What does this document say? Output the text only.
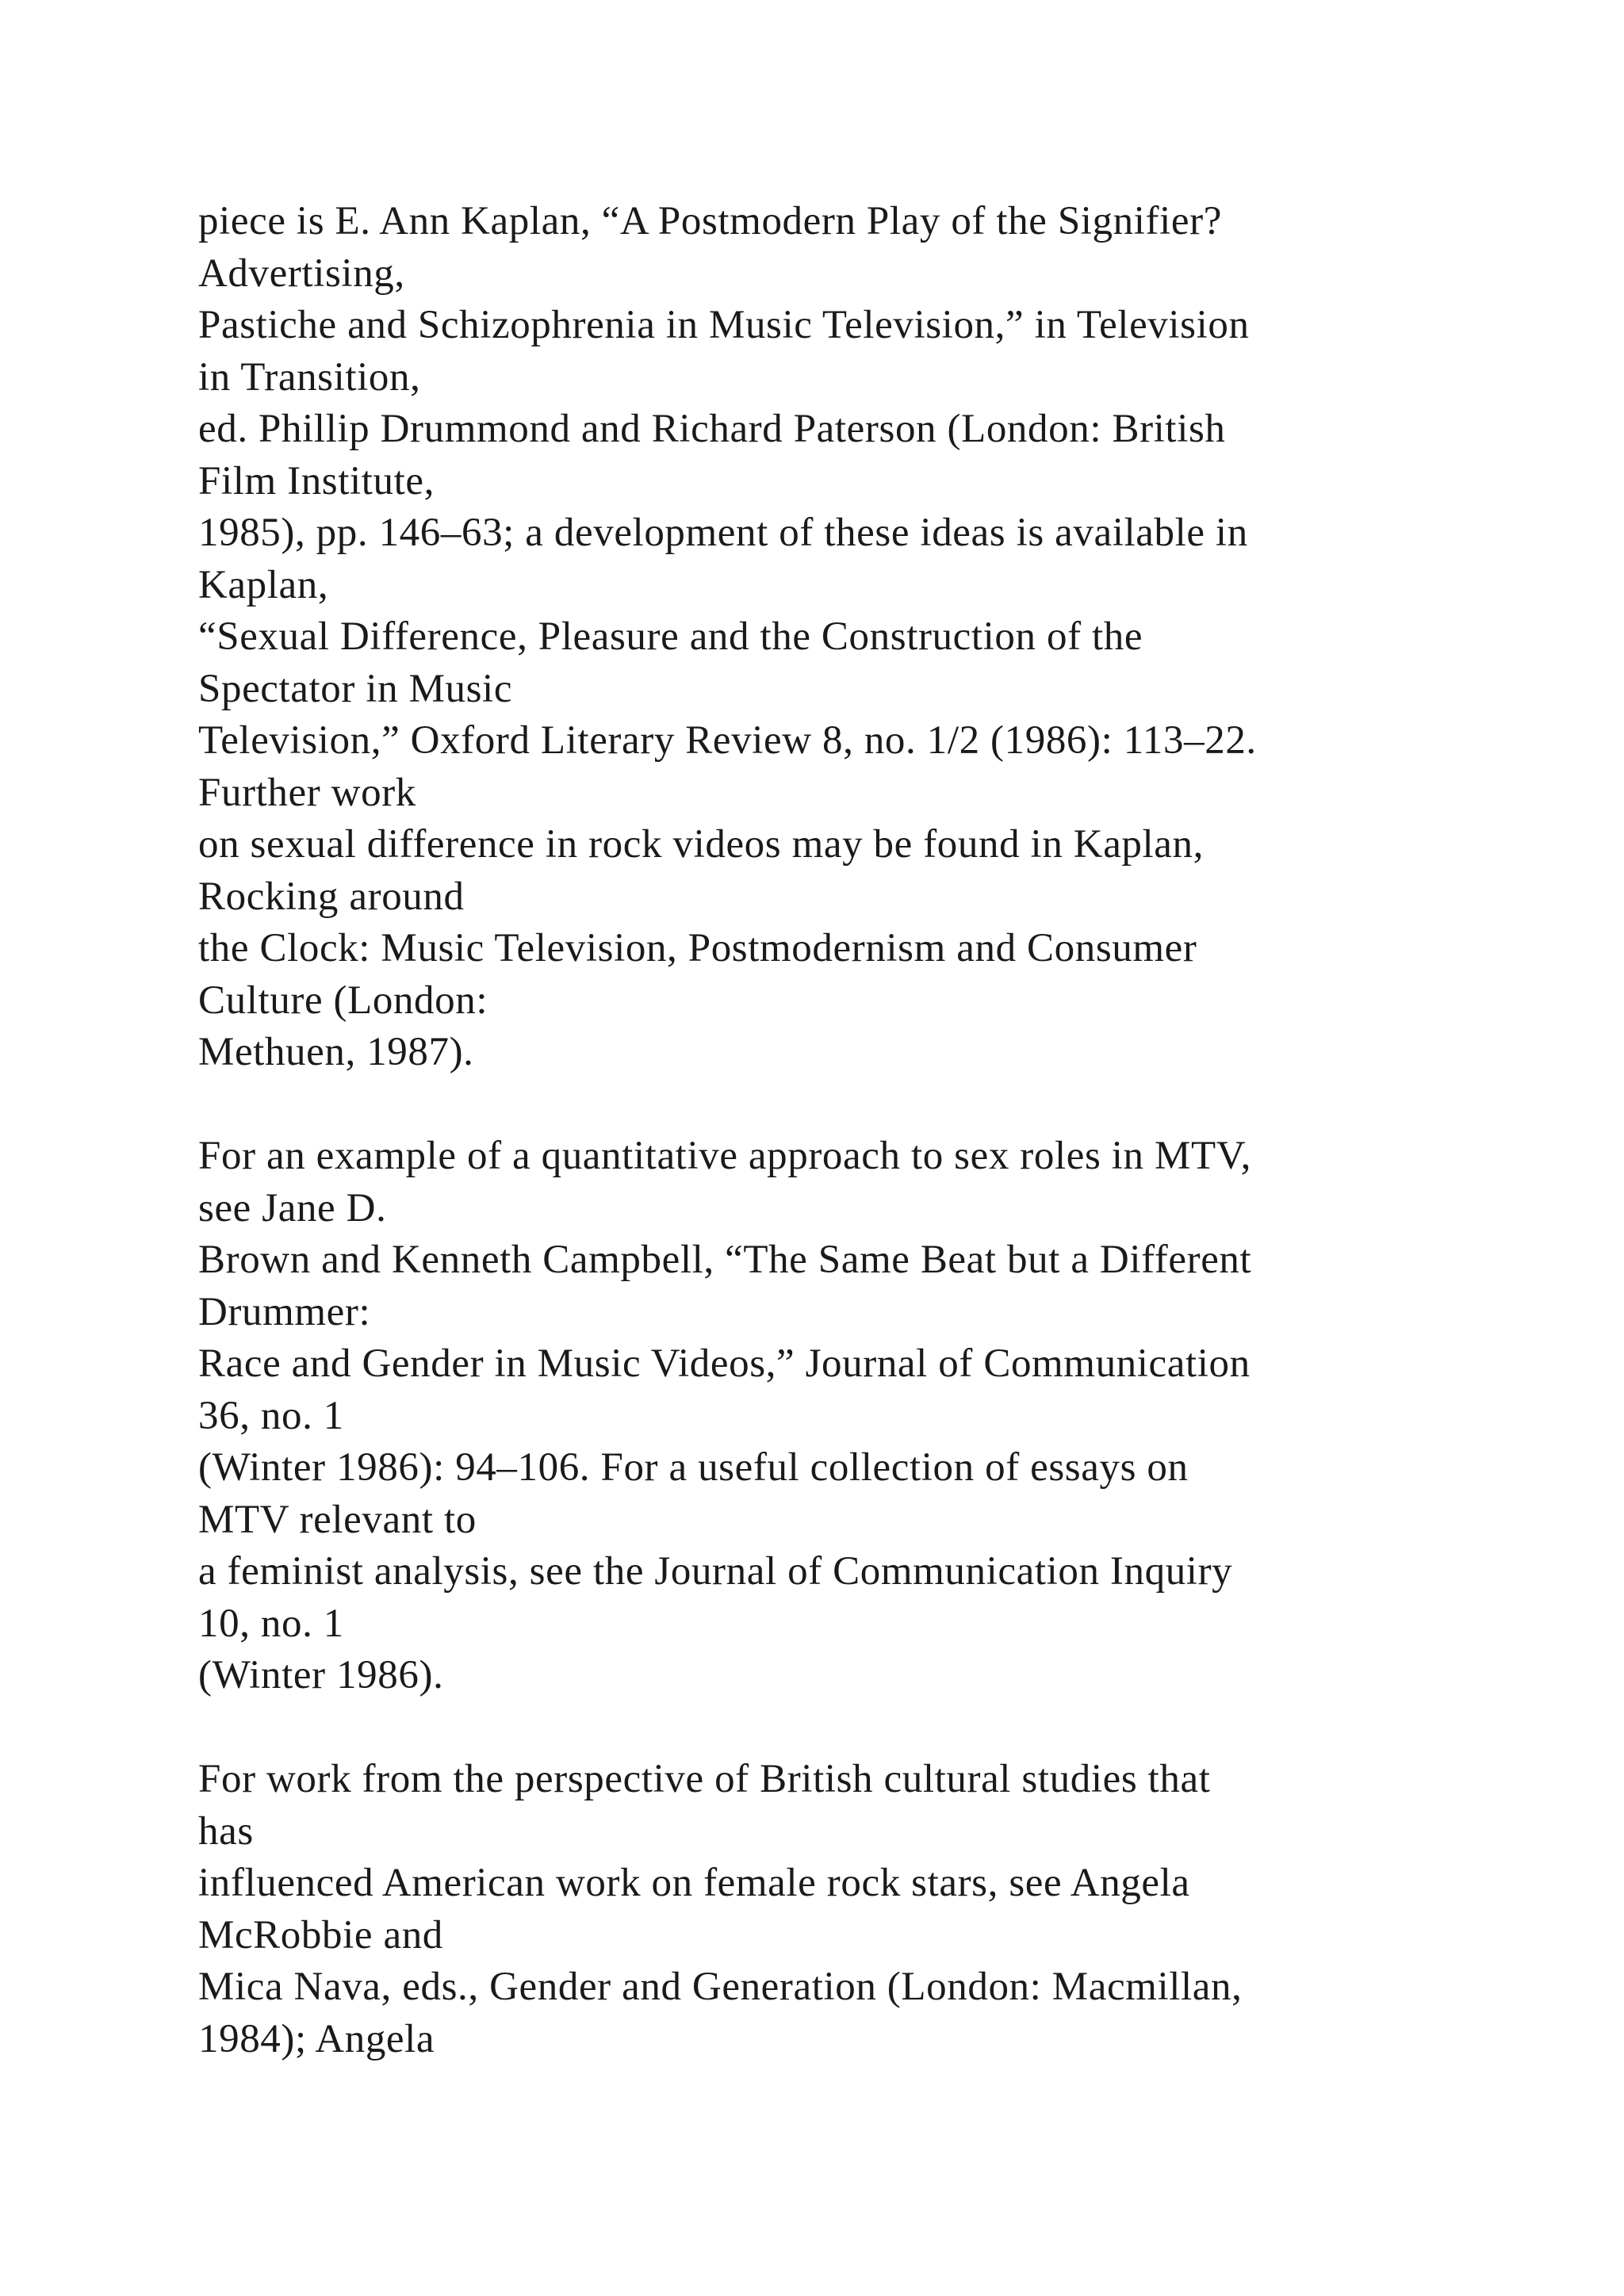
piece is E. Ann Kaplan, “A Postmodern Play of the Signifier?
Advertising,
Pastiche and Schizophrenia in Music Television,” in Television
in Transition,
ed. Phillip Drummond and Richard Paterson (London: British
Film Institute,
1985), pp. 146–63; a development of these ideas is available in
Kaplan,
“Sexual Difference, Pleasure and the Construction of the
Spectator in Music
Television,” Oxford Literary Review 8, no. 1/2 (1986): 113–22.
Further work
on sexual difference in rock videos may be found in Kaplan,
Rocking around
the Clock: Music Television, Postmodernism and Consumer
Culture (London:
Methuen, 1987).
For an example of a quantitative approach to sex roles in MTV,
see Jane D.
Brown and Kenneth Campbell, “The Same Beat but a Different
Drummer:
Race and Gender in Music Videos,” Journal of Communication
36, no. 1
(Winter 1986): 94–106. For a useful collection of essays on
MTV relevant to
a feminist analysis, see the Journal of Communication Inquiry
10, no. 1
(Winter 1986).
For work from the perspective of British cultural studies that
has
influenced American work on female rock stars, see Angela
McRobbie and
Mica Nava, eds., Gender and Generation (London: Macmillan,
1984); Angela
